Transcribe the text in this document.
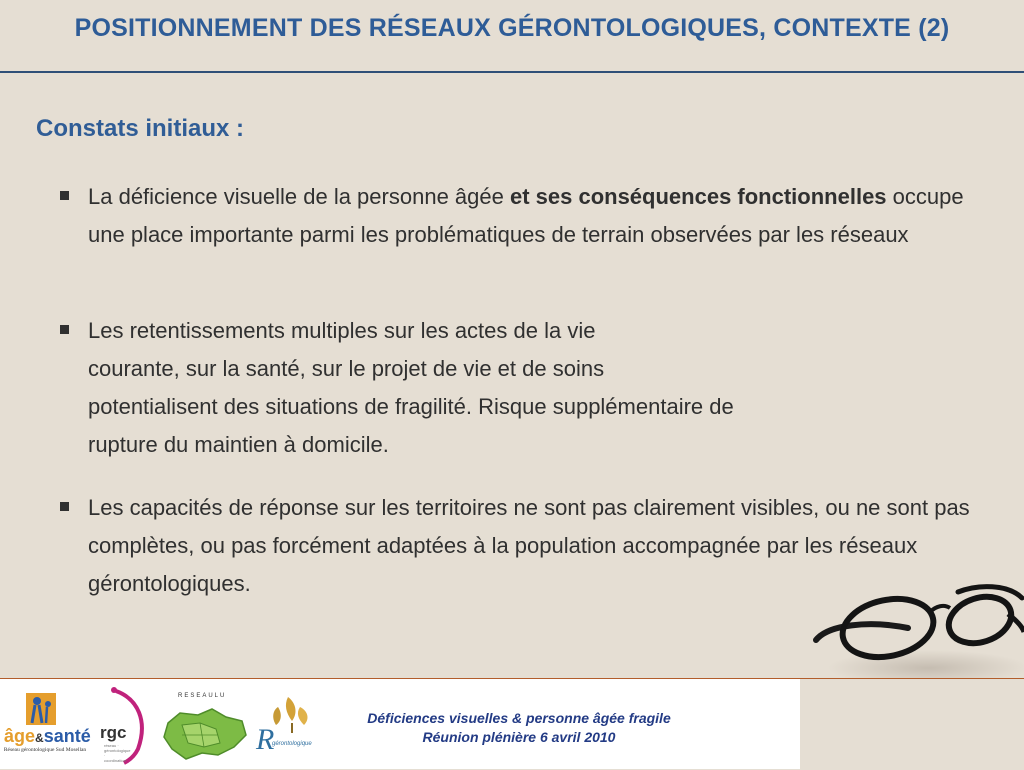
POSITIONNEMENT DES RÉSEAUX GÉRONTOLOGIQUES, CONTEXTE (2)
Constats initiaux :
La déficience visuelle de la personne âgée et ses conséquences fonctionnelles occupe une place importante parmi les problématiques de terrain observées par les réseaux
Les retentissements multiples sur les actes de la vie
courante, sur la santé, sur le projet de vie et de soins
potentialisent des situations de fragilité. Risque supplémentaire de
rupture du maintien à domicile.
Les capacités de réponse sur les territoires ne sont pas clairement visibles, ou ne sont pas complètes, ou pas forcément adaptées à la population accompagnée par les réseaux gérontologiques.
âge&santé
Réseau gérontologique Sud Mosellan
rgc
réseau · gérontologique · coordination
RESEAULU
R
gérontologique
Déficiences visuelles & personne âgée fragile
Réunion plénière 6 avril 2010
